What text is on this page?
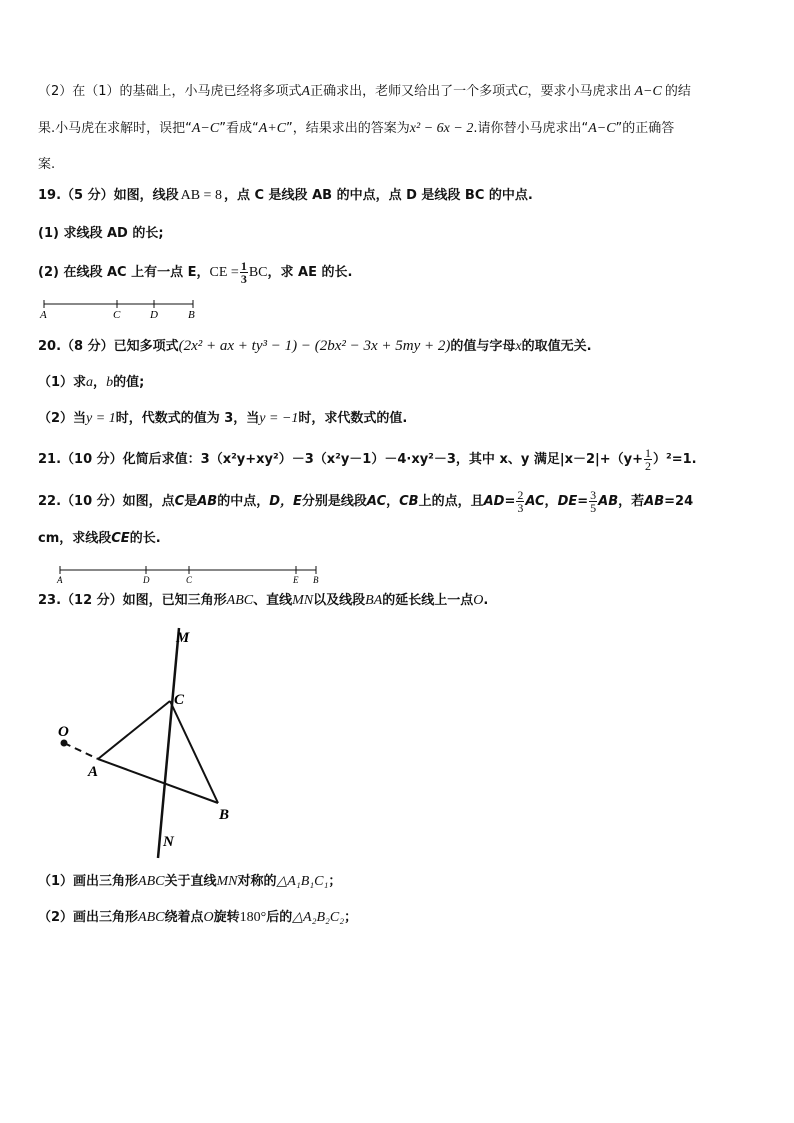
（2）在（1）的基础上，小马虎已经将多项式A正确求出，老师又给出了一个多项式C，要求小马虎求出 A−C 的结
果.小马虎在求解时，误把“A−C”看成“A+C”，结果求出的答案为x² − 6x − 2.请你替小马虎求出“A−C”的正确答
案.
19.（5 分）如图，线段 AB = 8 ，点 C 是线段 AB 的中点，点 D 是线段 BC 的中点.
(1) 求线段 AD 的长;
(2) 在线段 AC 上有一点 E，CE = $\frac{1}{3}$ BC，求 AE 的长.
A	C	D	B
20.（8 分）已知多项式(2x² + ax + ty³ − 1) − (2bx² − 3x + 5my + 2)的值与字母x的取值无关.
（1）求a，b的值;
（2）当y = 1时，代数式的值为 3，当y = −1时，求代数式的值.
21.（10 分）化简后求值：3（x²y+xy²）－3（x²y－1）－4·xy²－3，其中 x、y 满足$|x-2|+(y+ \frac{1}{2} )^2=1$.
22.（10 分）如图，点C是AB的中点，D，E分别是线段AC，CB上的点，且$AD= \frac{2}{3}$ AC，$DE= \frac{3}{5}$ AB，若AB=24
cm，求线段CE的长.
A	D	C	E B
23.（12 分）如图，已知三角形ABC、直线MN以及线段BA的延长线上一点O.
M
C
O
A
B
N
（1）画出三角形ABC关于直线MN对称的△A₁B₁C₁；
（2）画出三角形ABC绕着点O旋转180°后的△A₂B₂C₂；
